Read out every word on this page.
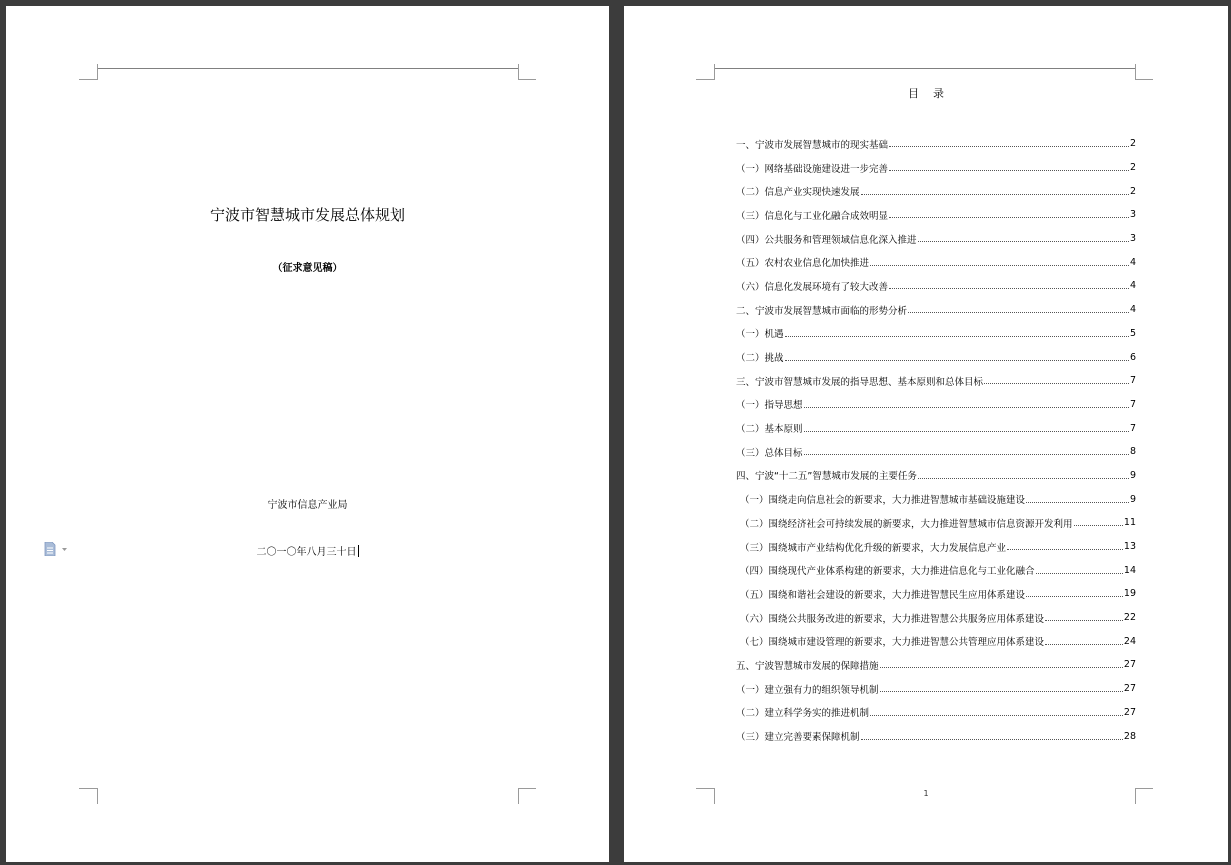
宁波市智慧城市发展总体规划
（征求意见稿）
宁波市信息产业局
二〇一〇年八月三十日
目录
一、宁波市发展智慧城市的现实基础	2
（一）网络基础设施建设进一步完善	2
（二）信息产业实现快速发展	2
（三）信息化与工业化融合成效明显	3
（四）公共服务和管理领域信息化深入推进	3
（五）农村农业信息化加快推进	4
（六）信息化发展环境有了较大改善	4
二、宁波市发展智慧城市面临的形势分析	4
（一）机遇	5
（二）挑战	6
三、宁波市智慧城市发展的指导思想、基本原则和总体目标	7
（一）指导思想	7
（二）基本原则	7
（三）总体目标	8
四、宁波“十二五”智慧城市发展的主要任务	9
（一）围绕走向信息社会的新要求，大力推进智慧城市基础设施建设	9
（二）围绕经济社会可持续发展的新要求，大力推进智慧城市信息资源开发利用	11
（三）围绕城市产业结构优化升级的新要求，大力发展信息产业	13
（四）围绕现代产业体系构建的新要求，大力推进信息化与工业化融合	14
（五）围绕和谐社会建设的新要求，大力推进智慧民生应用体系建设	19
（六）围绕公共服务改进的新要求，大力推进智慧公共服务应用体系建设	22
（七）围绕城市建设管理的新要求，大力推进智慧公共管理应用体系建设	24
五、宁波智慧城市发展的保障措施	27
（一）建立强有力的组织领导机制	27
（二）建立科学务实的推进机制	27
（三）建立完善要素保障机制	28
1
